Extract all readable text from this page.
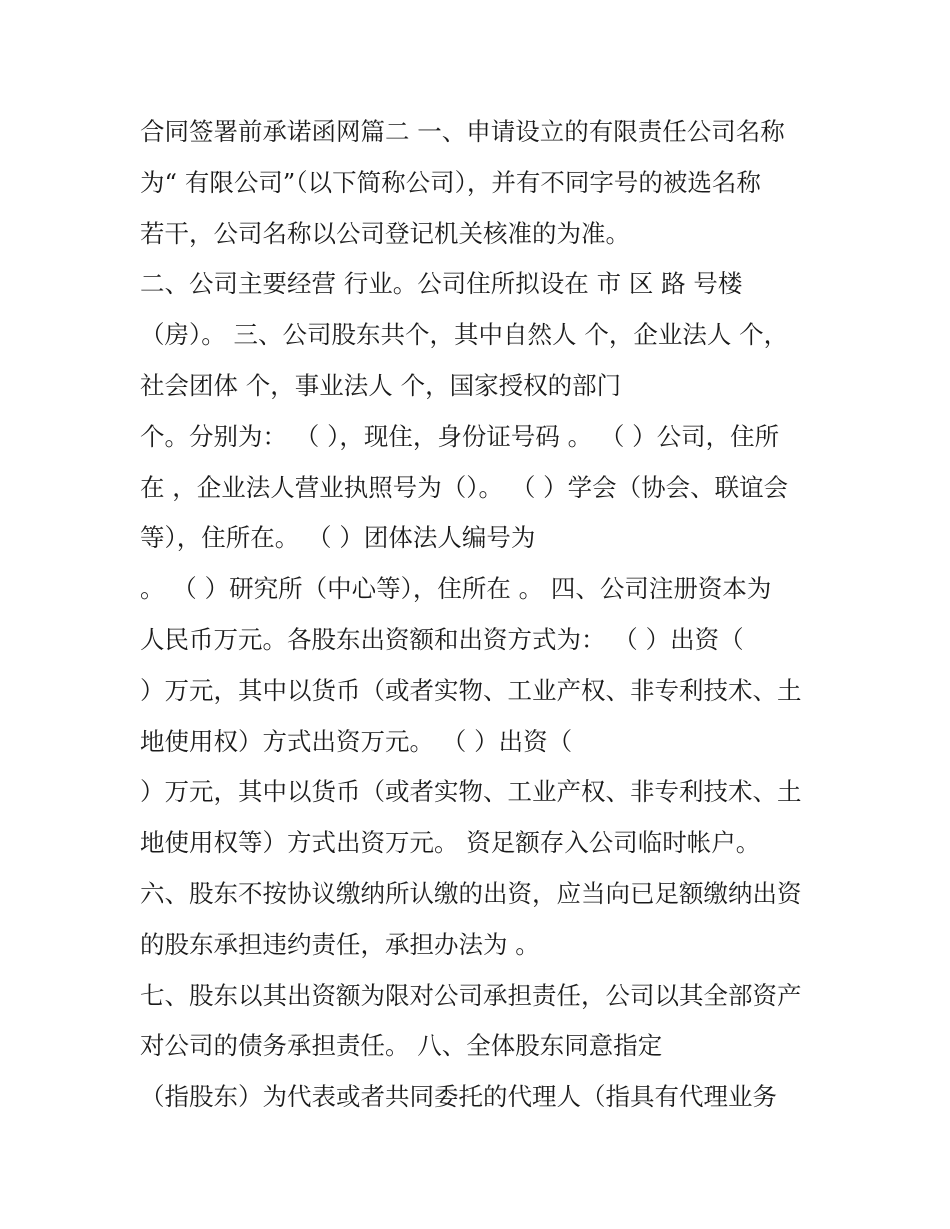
合同签署前承诺函网篇二 一、申请设立的有限责任公司名称
为“ 有限公司”（以下简称公司），并有不同字号的被选名称
若干，公司名称以公司登记机关核准的为准。
二、公司主要经营 行业。公司住所拟设在 市 区 路 号楼
（房）。 三、公司股东共个，其中自然人 个，企业法人 个，
社会团体 个，事业法人 个，国家授权的部门
个。分别为： （ ），现住，身份证号码 。 （ ）公司，住所
在 ，企业法人营业执照号为（）。 （ ）学会（协会、联谊会
等），住所在。 （ ）团体法人编号为
。 （ ）研究所（中心等），住所在 。 四、公司注册资本为
人民币万元。各股东出资额和出资方式为： （ ）出资（
）万元，其中以货币（或者实物、工业产权、非专利技术、土
地使用权）方式出资万元。 （ ）出资（
）万元，其中以货币（或者实物、工业产权、非专利技术、土
地使用权等）方式出资万元。 资足额存入公司临时帐户。
六、股东不按协议缴纳所认缴的出资，应当向已足额缴纳出资
的股东承担违约责任，承担办法为 。
七、股东以其出资额为限对公司承担责任，公司以其全部资产
对公司的债务承担责任。 八、全体股东同意指定
（指股东）为代表或者共同委托的代理人（指具有代理业务
